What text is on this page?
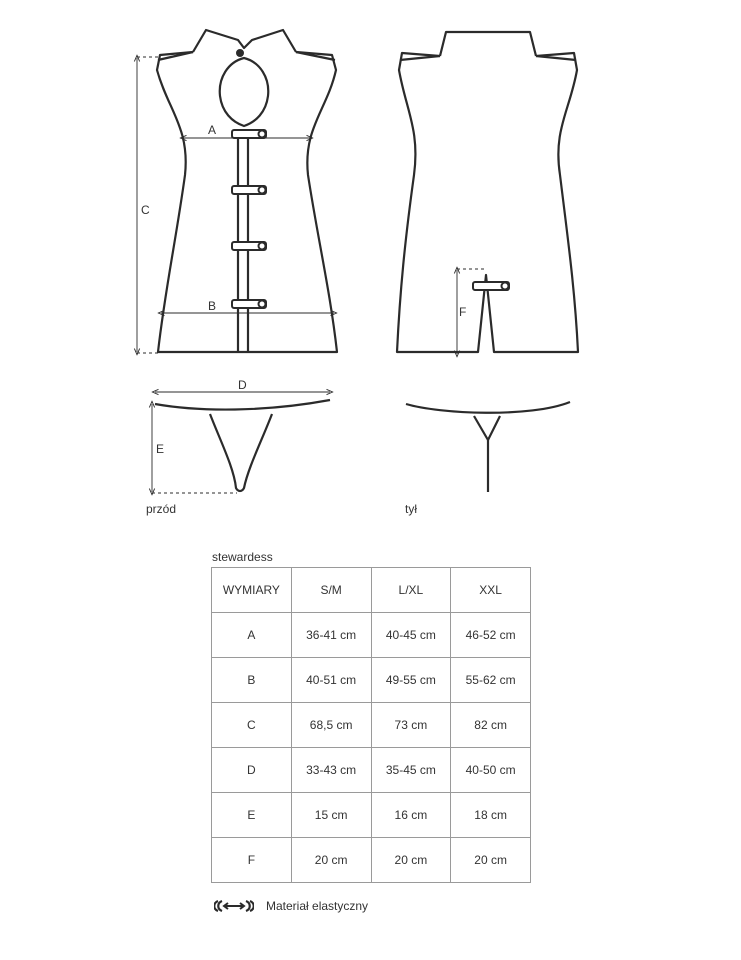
A
B
C
D
E
F
przód	tył
stewardess
WYMIARY	S/M	L/XL	XXL
A	36-41 cm	40-45 cm	46-52 cm
B	40-51 cm	49-55 cm	55-62 cm
C	68,5 cm	73 cm	82 cm
D	33-43 cm	35-45 cm	40-50 cm
E	15 cm	16 cm	18 cm
F	20 cm	20 cm	20 cm
Materiał elastyczny
